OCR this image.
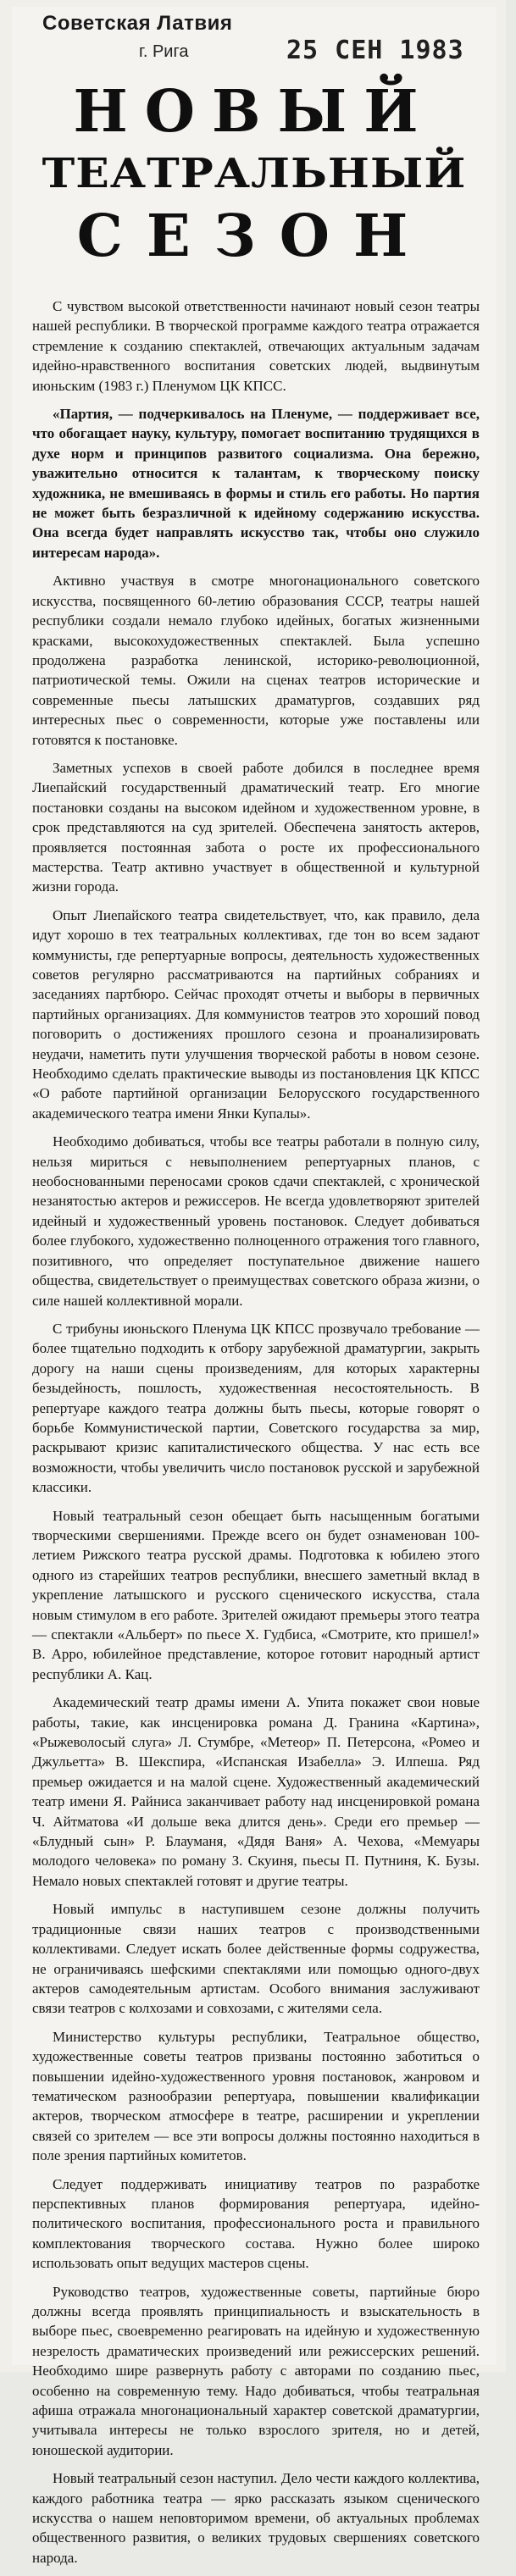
Советская Латвия
г. Рига	25 СЕН 1983
НОВЫЙ
ТЕАТРАЛЬНЫЙ
СЕЗОН

С чувством высокой ответственности начинают новый сезон театры нашей республики. В творческой программе каждого театра отражается стремление к созданию спектаклей, отвечающих актуальным задачам идейно-нравственного воспитания советских людей, выдвинутым июньским (1983 г.) Пленумом ЦК КПСС.

«Партия, — подчеркивалось на Пленуме, — поддерживает все, что обогащает науку, культуру, помогает воспитанию трудящихся в духе норм и принципов развитого социализма. Она бережно, уважительно относится к талантам, к творческому поиску художника, не вмешиваясь в формы и стиль его работы. Но партия не может быть безразличной к идейному содержанию искусства. Она всегда будет направлять искусство так, чтобы оно служило интересам народа».

Активно участвуя в смотре многонационального советского искусства, посвященного 60-летию образования СССР, театры нашей республики создали немало глубоко идейных, богатых жизненными красками, высокохудожественных спектаклей. Была успешно продолжена разработка ленинской, историко-революционной, патриотической темы. Ожили на сценах театров исторические и современные пьесы латышских драматургов, создавших ряд интересных пьес о современности, которые уже поставлены или готовятся к постановке.

Заметных успехов в своей работе добился в последнее время Лиепайский государственный драматический театр. Его многие постановки созданы на высоком идейном и художественном уровне, в срок представляются на суд зрителей. Обеспечена занятость актеров, проявляется постоянная забота о росте их профессионального мастерства. Театр активно участвует в общественной и культурной жизни города.

Опыт Лиепайского театра свидетельствует, что, как правило, дела идут хорошо в тех театральных коллективах, где тон во всем задают коммунисты, где репертуарные вопросы, деятельность художественных советов регулярно рассматриваются на партийных собраниях и заседаниях партбюро. Сейчас проходят отчеты и выборы в первичных партийных организациях. Для коммунистов театров это хороший повод поговорить о достижениях прошлого сезона и проанализировать неудачи, наметить пути улучшения творческой работы в новом сезоне. Необходимо сделать практические выводы из постановления ЦК КПСС «О работе партийной организации Белорусского государственного академического театра имени Янки Купалы».

Необходимо добиваться, чтобы все театры работали в полную силу, нельзя мириться с невыполнением репертуарных планов, с необоснованными переносами сроков сдачи спектаклей, с хронической незанятостью актеров и режиссеров. Не всегда удовлетворяют зрителей идейный и художественный уровень постановок. Следует добиваться более глубокого, художественно полноценного отражения того главного, позитивного, что определяет поступательное движение нашего общества, свидетельствует о преимуществах советского образа жизни, о силе нашей коллективной морали.

С трибуны июньского Пленума ЦК КПСС прозвучало требование — более тщательно подходить к отбору зарубежной драматургии, закрыть дорогу на наши сцены произведениям, для которых характерны безыдейность, пошлость, художественная несостоятельность. В репертуаре каждого театра должны быть пьесы, которые говорят о борьбе Коммунистической партии, Советского государства за мир, раскрывают кризис капиталистического общества. У нас есть все возможности, чтобы увеличить число постановок русской и зарубежной классики.

Новый театральный сезон обещает быть насыщенным богатыми творческими свершениями. Прежде всего он будет ознаменован 100-летием Рижского театра русской драмы. Подготовка к юбилею этого одного из старейших театров республики, внесшего заметный вклад в укрепление латышского и русского сценического искусства, стала новым стимулом в его работе. Зрителей ожидают премьеры этого театра — спектакли «Альберт» по пьесе Х. Гудбиса, «Смотрите, кто пришел!» В. Арро, юбилейное представление, которое готовит народный артист республики А. Кац.

Академический театр драмы имени А. Упита покажет свои новые работы, такие, как инсценировка романа Д. Гранина «Картина», «Рыжеволосый слуга» Л. Стумбре, «Метеор» П. Петерсона, «Ромео и Джульетта» В. Шекспира, «Испанская Изабелла» Э. Илпеша. Ряд премьер ожидается и на малой сцене. Художественный академический театр имени Я. Райниса заканчивает работу над инсценировкой романа Ч. Айтматова «И дольше века длится день». Среди его премьер — «Блудный сын» Р. Блауманя, «Дядя Ваня» А. Чехова, «Мемуары молодого человека» по роману З. Скуиня, пьесы П. Путниня, К. Бузы. Немало новых спектаклей готовят и другие театры.

Новый импульс в наступившем сезоне должны получить традиционные связи наших театров с производственными коллективами. Следует искать более действенные формы содружества, не ограничиваясь шефскими спектаклями или помощью одного-двух актеров самодеятельным артистам. Особого внимания заслуживают связи театров с колхозами и совхозами, с жителями села.

Министерство культуры республики, Театральное общество, художественные советы театров призваны постоянно заботиться о повышении идейно-художественного уровня постановок, жанровом и тематическом разнообразии репертуара, повышении квалификации актеров, творческом атмосфере в театре, расширении и укреплении связей со зрителем — все эти вопросы должны постоянно находиться в поле зрения партийных комитетов.

Следует поддерживать инициативу театров по разработке перспективных планов формирования репертуара, идейно-политического воспитания, профессионального роста и правильного комплектования творческого состава. Нужно более широко использовать опыт ведущих мастеров сцены.

Руководство театров, художественные советы, партийные бюро должны всегда проявлять принципиальность и взыскательность в выборе пьес, своевременно реагировать на идейную и художественную незрелость драматических произведений или режиссерских решений. Необходимо шире развернуть работу с авторами по созданию пьес, особенно на современную тему. Надо добиваться, чтобы театральная афиша отражала многонациональный характер советской драматургии, учитывала интересы не только взрослого зрителя, но и детей, юношеской аудитории.

Новый театральный сезон наступил. Дело чести каждого коллектива, каждого работника театра — ярко рассказать языком сценического искусства о нашем неповторимом времени, об актуальных проблемах общественного развития, о великих трудовых свершениях советского народа.
